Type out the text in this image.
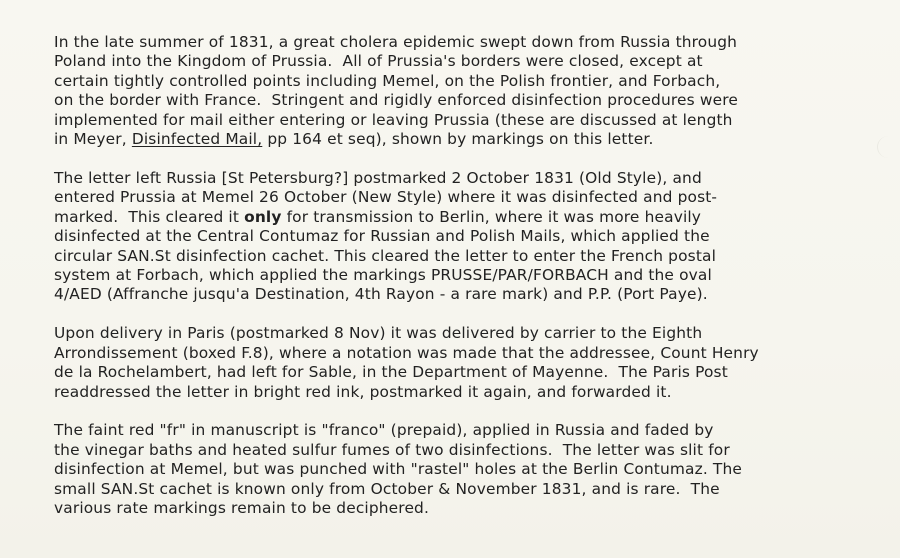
In the late summer of 1831, a great cholera epidemic swept down from Russia through
Poland into the Kingdom of Prussia.  All of Prussia's borders were closed, except at
certain tightly controlled points including Memel, on the Polish frontier, and Forbach,
on the border with France.  Stringent and rigidly enforced disinfection procedures were
implemented for mail either entering or leaving Prussia (these are discussed at length
in Meyer, Disinfected Mail, pp 164 et seq), shown by markings on this letter.

The letter left Russia [St Petersburg?] postmarked 2 October 1831 (Old Style), and
entered Prussia at Memel 26 October (New Style) where it was disinfected and post-
marked.  This cleared it only for transmission to Berlin, where it was more heavily
disinfected at the Central Contumaz for Russian and Polish Mails, which applied the
circular SAN.St disinfection cachet. This cleared the letter to enter the French postal
system at Forbach, which applied the markings PRUSSE/PAR/FORBACH and the oval
4/AED (Affranche jusqu'a Destination, 4th Rayon - a rare mark) and P.P. (Port Paye).

Upon delivery in Paris (postmarked 8 Nov) it was delivered by carrier to the Eighth
Arrondissement (boxed F.8), where a notation was made that the addressee, Count Henry
de la Rochelambert, had left for Sable, in the Department of Mayenne.  The Paris Post
readdressed the letter in bright red ink, postmarked it again, and forwarded it.

The faint red "fr" in manuscript is "franco" (prepaid), applied in Russia and faded by
the vinegar baths and heated sulfur fumes of two disinfections.  The letter was slit for
disinfection at Memel, but was punched with "rastel" holes at the Berlin Contumaz. The
small SAN.St cachet is known only from October & November 1831, and is rare.  The
various rate markings remain to be deciphered.
